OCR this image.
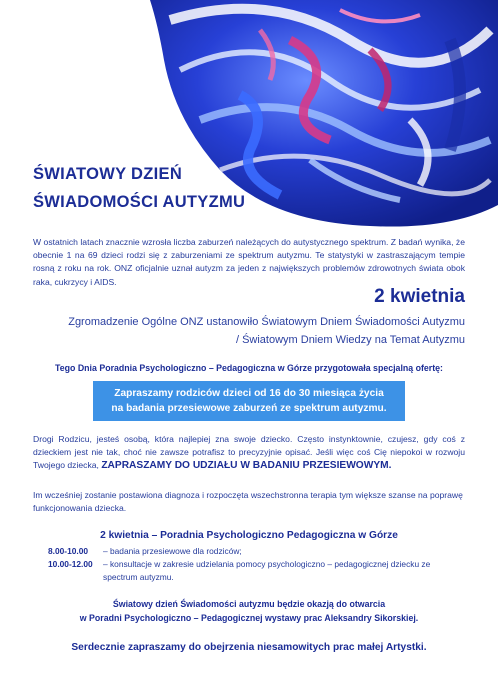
ŚWIATOWY DZIEŃ
ŚWIADOMOŚCI AUTYZMU
W ostatnich latach znacznie wzrosła liczba zaburzeń należących do autystycznego spektrum. Z badań wynika, że obecnie 1 na 69 dzieci rodzi się z zaburzeniami ze spektrum autyzmu. Te statystyki w zastraszającym tempie rosną z roku na rok. ONZ oficjalnie uznał autyzm za jeden z największych problemów zdrowotnych świata obok raka, cukrzycy i AIDS.
2 kwietnia
Zgromadzenie Ogólne ONZ ustanowiło Światowym Dniem Świadomości Autyzmu
/ Światowym Dniem Wiedzy na Temat Autyzmu
Tego Dnia Poradnia Psychologiczno – Pedagogiczna w Górze przygotowała specjalną ofertę:
Zapraszamy rodziców dzieci od 16 do 30 miesiąca życia
na badania przesiewowe zaburzeń ze spektrum autyzmu.
Drogi Rodzicu, jesteś osobą, która najlepiej zna swoje dziecko. Często instynktownie, czujesz, gdy coś z dzieckiem jest nie tak, choć nie zawsze potrafisz to precyzyjnie opisać. Jeśli więc coś Cię niepokoi w rozwoju Twojego dziecka, ZAPRASZAMY DO UDZIAŁU W BADANIU PRZESIEWOWYM.
Im wcześniej zostanie postawiona diagnoza i rozpoczęta wszechstronna terapia tym większe szanse na poprawę funkcjonowania dziecka.
2 kwietnia – Poradnia Psychologiczno Pedagogiczna w Górze
8.00-10.00	– badania przesiewowe dla rodziców;
10.00-12.00	– konsultacje w zakresie udzielania pomocy psychologiczno – pedagogicznej dziecku ze spectrum autyzmu.
Światowy dzień Świadomości autyzmu będzie okazją do otwarcia
w Poradni Psychologiczno – Pedagogicznej wystawy prac Aleksandry Sikorskiej.
Serdecznie zapraszamy do obejrzenia niesamowitych prac małej Artystki.
